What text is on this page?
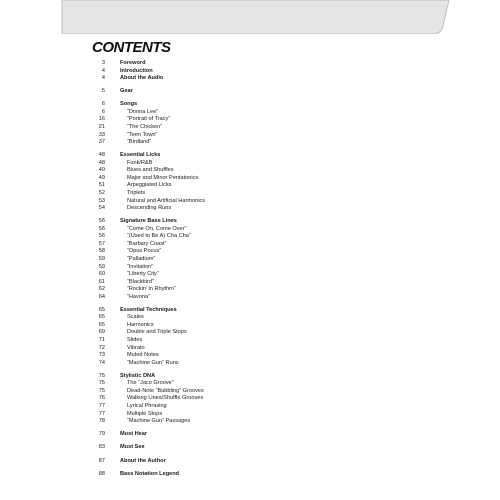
CONTENTS
3	Foreword
4	Introduction
4	About the Audio
5	Gear
6	Songs
6	“Donna Lee”
16	“Portrait of Tracy”
21	“The Chicken”
33	“Teen Town”
37	“Birdland”
48	Essential Licks
48	Funk/R&B
49	Blues and Shuffles
49	Major and Minor Pentatonics
51	Arpeggiated Licks
52	Triplets
53	Natural and Artificial Harmonics
54	Descending Runs
56	Signature Bass Lines
56	“Come On, Come Over”
56	“(Used to Be A) Cha Cha”
57	“Barbary Coast”
58	“Opus Pocus”
59	“Palladium”
59	“Invitation”
60	“Liberty City”
61	“Blackbird”
62	“Rockin’ in Rhythm”
64	“Havona”
65	Essential Techniques
65	Scales
65	Harmonics
69	Double and Triple Stops
71	Slides
72	Vibrato
73	Muted Notes
74	“Machine Gun” Runs
75	Stylistic DNA
75	The “Jaco Groove”
75	Dead-Note “Bubbling” Grooves
76	Walking Lines/Shuffle Grooves
77	Lyrical Phrasing
77	Multiple Stops
78	“Machine Gun” Passages
79	Must Hear
83	Must See
87	About the Author
88	Bass Notation Legend
